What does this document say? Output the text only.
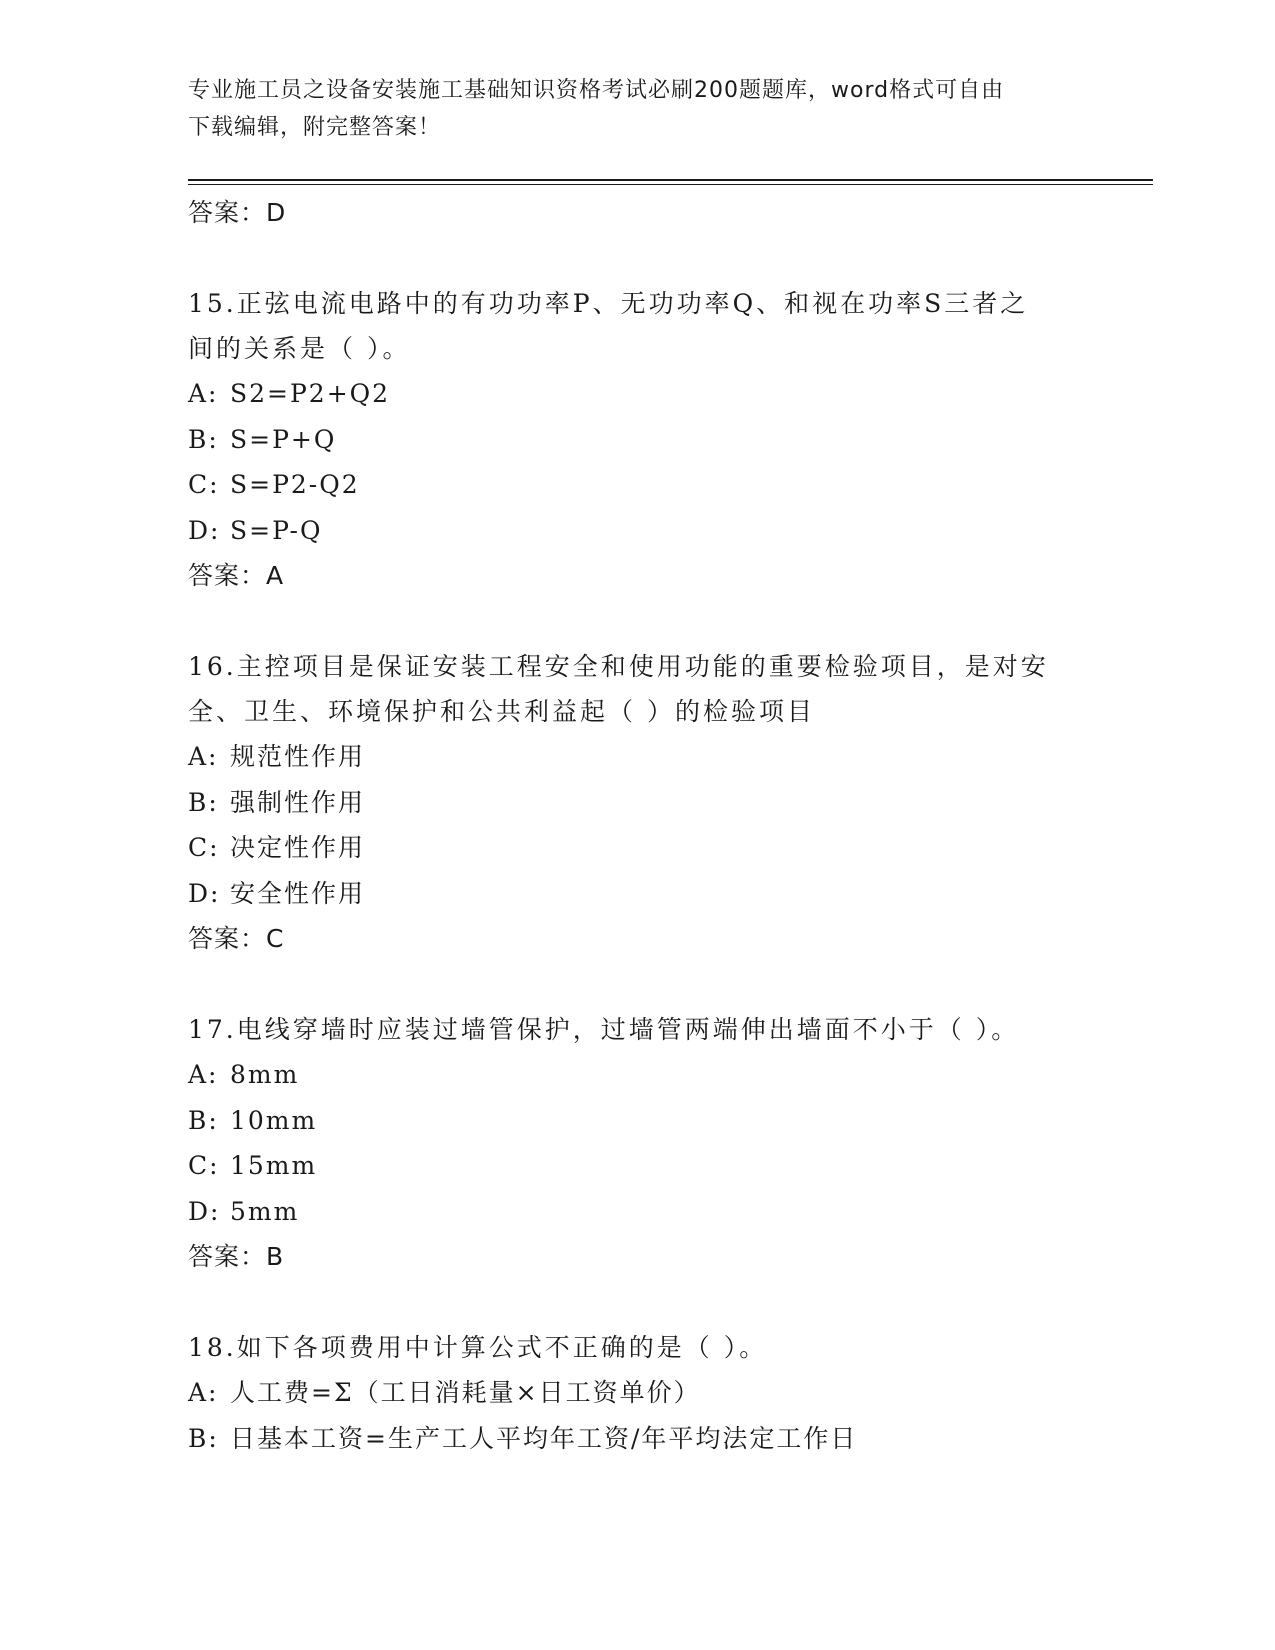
专业施工员之设备安装施工基础知识资格考试必刷200题题库，word格式可自由
下载编辑，附完整答案！
答案：D
15.正弦电流电路中的有功功率P、无功功率Q、和视在功率S三者之
间的关系是（ ）。
A: S2=P2+Q2
B: S=P+Q
C: S=P2-Q2
D: S=P-Q
答案：A
16.主控项目是保证安装工程安全和使用功能的重要检验项目，是对安
全、卫生、环境保护和公共利益起（ ）的检验项目
A: 规范性作用
B: 强制性作用
C: 决定性作用
D: 安全性作用
答案：C
17.电线穿墙时应装过墙管保护，过墙管两端伸出墙面不小于（ ）。
A: 8mm
B: 10mm
C: 15mm
D: 5mm
答案：B
18.如下各项费用中计算公式不正确的是（ ）。
A: 人工费=Σ（工日消耗量×日工资单价）
B: 日基本工资=生产工人平均年工资/年平均法定工作日
